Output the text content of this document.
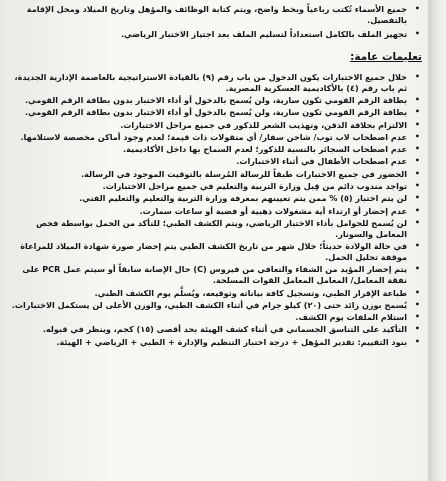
•
جميع الأسماء تُكتب رباعياً وبخط واضح، ويتم كتابة الوظائف والمؤهل وتاريخ الميلاد ومحل الإقامة بالتفصيل.
•
تجهيز الملف بالكامل استعداداً لتسليم الملف بعد اجتياز الاختبار الرياضي.
تعليمات عامة:
•
خلال جميع الاختبارات يكون الدخول من باب رقم (٩) بالقيادة الاستراتيجية بالعاصمة الإدارية الجديدة، ثم باب رقم (٤) بالأكاديمية العسكرية المصرية.
•
بطاقة الرقم القومي تكون سارية، ولن يُسمح بالدخول أو أداء الاختبار بدون بطاقة الرقم القومي.
•
بطاقة الرقم القومي تكون سارية، ولن يُسمح بالدخول أو أداء الاختبار بدون بطاقة الرقم القومي.
•
الالتزام بحلاقة الذقن، وتهذيب الشعر للذكور في جميع مراحل الاختبارات.
•
عدم اصطحاب لاب توب/ شاحن سفار/ أي منقولات ذات قيمة؛ لعدم وجود أماكن مخصصة لاستلامها.
•
عدم اصطحاب السجائر بالنسبة للذكور؛ لعدم السماح بها داخل الأكاديمية.
•
عدم اصطحاب الأطفال في أثناء الاختبارات.
•
الحضور في جميع الاختبارات طبقاً للرسالة المُرسلة بالتوقيت الموجود في الرسالة.
•
تواجد مندوب دائم من قِبل وزارة التربية والتعليم في جميع مراحل الاختبارات.
•
لن يتم اختبار (٥) % ممن يتم تعيينهم بمعرفة وزارة التربية والتعليم والتعليم الفني.
•
عدم إحضار أو ارتداء أية مشغولات ذهبية أو فضية أو ساعات سمارت.
•
لن يُسمح للحوامل بأداء الاختبار الرياضي، ويتم الكشف الطبي؛ للتأكد من الحمل بواسطة فحص المعامل والسونار.
•
في حالة الولادة حديثاً؛ خلال شهر من تاريخ الكشف الطبي يتم إحضار صورة شهادة الميلاد للمراعاة موقفة تحليل الحمل.
•
يتم إحضار المؤيد من الشفاء والتعافي من فيروس (C) حال الإصابة سابقاً أو سيتم عمل PCR على نفقة المعامل/ المعامل المعامل القوات المسلحة.
•
طباعة الإقرار الطبي، وتسجيل كافة بياناته وتوقيعه، ويُسلَّم يوم الكشف الطبي.
•
يُسمح بوزن زائد حتى (٢٠) كيلو جرام في أثناء الكشف الطبي، والوزن الأعلى لن يستكمل الاختبارات.
•
استلام الملفات يوم الكشف.
•
التأكيد على التناسق الجسماني في أثناء كشف الهيئة بحد أقصى (١٥) كجم، وينظر في قبوله.
•
بنود التقييم: تقدير المؤهل + درجة اختبار التنظيم والإدارة + الطبي + الرياضي + الهيئة.
